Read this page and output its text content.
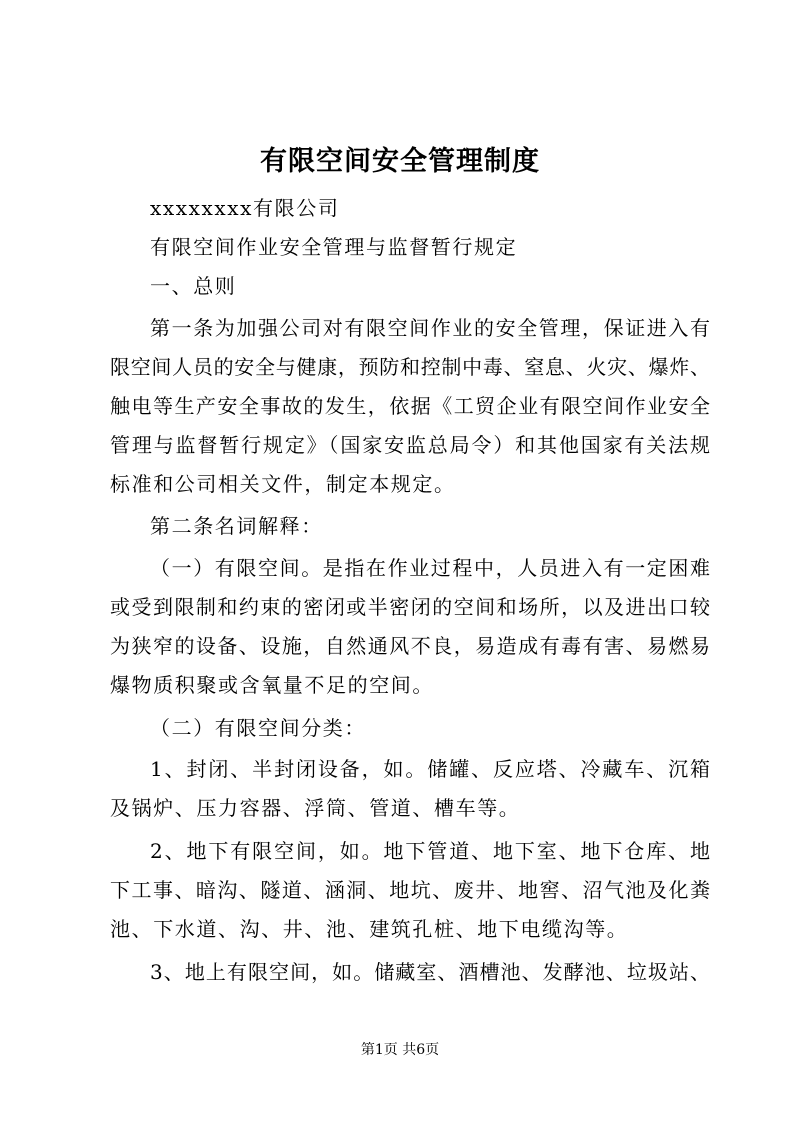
有限空间安全管理制度
xxxxxxxx有限公司
有限空间作业安全管理与监督暂行规定
一、总则
第一条为加强公司对有限空间作业的安全管理，保证进入有
限空间人员的安全与健康，预防和控制中毒、窒息、火灾、爆炸、
触电等生产安全事故的发生，依据《工贸企业有限空间作业安全
管理与监督暂行规定》（国家安监总局令）和其他国家有关法规
标准和公司相关文件，制定本规定。
第二条名词解释：
（一）有限空间。是指在作业过程中，人员进入有一定困难
或受到限制和约束的密闭或半密闭的空间和场所，以及进出口较
为狭窄的设备、设施，自然通风不良，易造成有毒有害、易燃易
爆物质积聚或含氧量不足的空间。
（二）有限空间分类：
1、封闭、半封闭设备，如。储罐、反应塔、冷藏车、沉箱
及锅炉、压力容器、浮筒、管道、槽车等。
2、地下有限空间，如。地下管道、地下室、地下仓库、地
下工事、暗沟、隧道、涵洞、地坑、废井、地窖、沼气池及化粪
池、下水道、沟、井、池、建筑孔桩、地下电缆沟等。
3、地上有限空间，如。储藏室、酒槽池、发酵池、垃圾站、
第1页 共6页
